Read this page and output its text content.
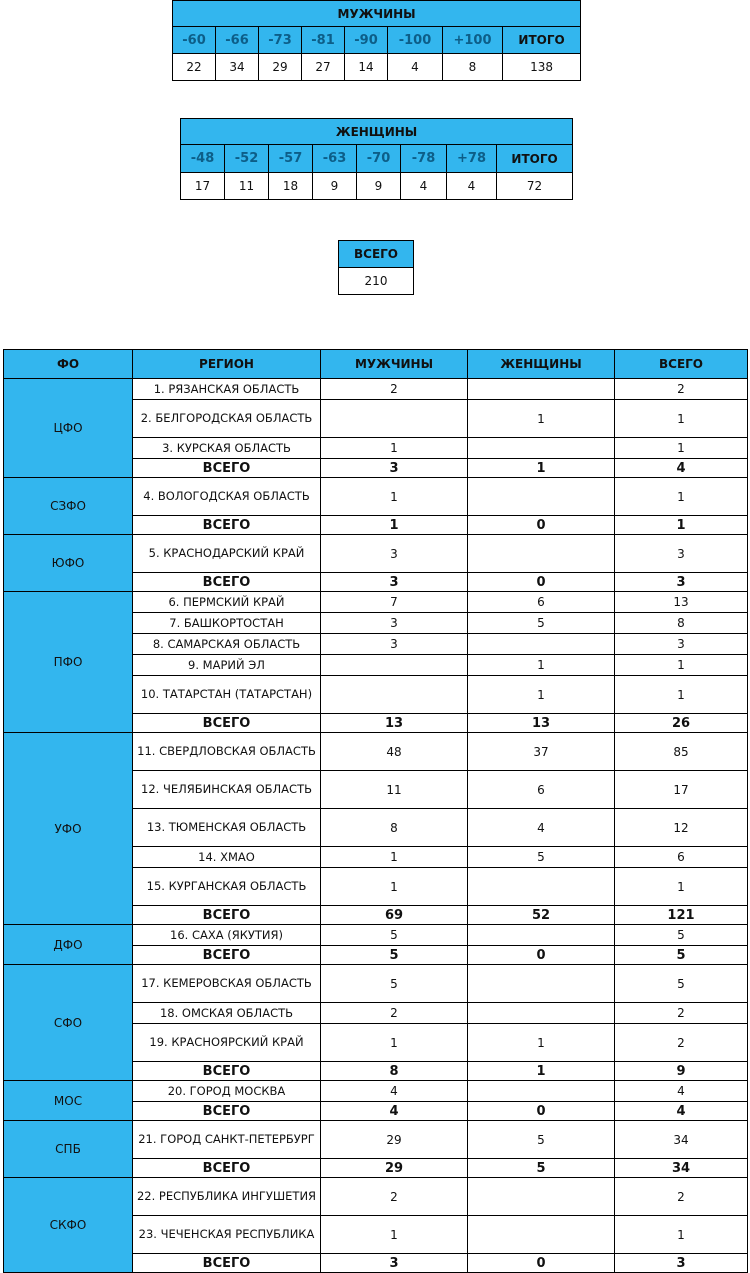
МУЖЧИНЫ							
-60	-66	-73	-81	-90	-100	+100	ИТОГО
22	34	29	27	14	4	8	138
ЖЕНЩИНЫ							
-48	-52	-57	-63	-70	-78	+78	ИТОГО
17	11	18	9	9	4	4	72
ВСЕГО
210
ФО	РЕГИОН	МУЖЧИНЫ	ЖЕНЩИНЫ	ВСЕГО
ЦФО	1. РЯЗАНСКАЯ ОБЛАСТЬ	2		2
	2. БЕЛГОРОДСКАЯ ОБЛАСТЬ		1	1
	3. КУРСКАЯ ОБЛАСТЬ	1		1
	ВСЕГО	3	1	4
СЗФО	4. ВОЛОГОДСКАЯ ОБЛАСТЬ	1		1
	ВСЕГО	1	0	1
ЮФО	5. КРАСНОДАРСКИЙ КРАЙ	3		3
	ВСЕГО	3	0	3
ПФО	6. ПЕРМСКИЙ КРАЙ	7	6	13
	7. БАШКОРТОСТАН	3	5	8
	8. САМАРСКАЯ ОБЛАСТЬ	3		3
	9. МАРИЙ ЭЛ		1	1
	10. ТАТАРСТАН (ТАТАРСТАН)		1	1
	ВСЕГО	13	13	26
УФО	11. СВЕРДЛОВСКАЯ ОБЛАСТЬ	48	37	85
	12. ЧЕЛЯБИНСКАЯ ОБЛАСТЬ	11	6	17
	13. ТЮМЕНСКАЯ ОБЛАСТЬ	8	4	12
	14. ХМАО	1	5	6
	15. КУРГАНСКАЯ ОБЛАСТЬ	1		1
	ВСЕГО	69	52	121
ДФО	16. САХА (ЯКУТИЯ)	5		5
	ВСЕГО	5	0	5
СФО	17. КЕМЕРОВСКАЯ ОБЛАСТЬ	5		5
	18. ОМСКАЯ ОБЛАСТЬ	2		2
	19. КРАСНОЯРСКИЙ КРАЙ	1	1	2
	ВСЕГО	8	1	9
МОС	20. ГОРОД МОСКВА	4		4
	ВСЕГО	4	0	4
СПБ	21. ГОРОД САНКТ-ПЕТЕРБУРГ	29	5	34
	ВСЕГО	29	5	34
СКФО	22. РЕСПУБЛИКА ИНГУШЕТИЯ	2		2
	23. ЧЕЧЕНСКАЯ РЕСПУБЛИКА	1		1
	ВСЕГО	3	0	3
